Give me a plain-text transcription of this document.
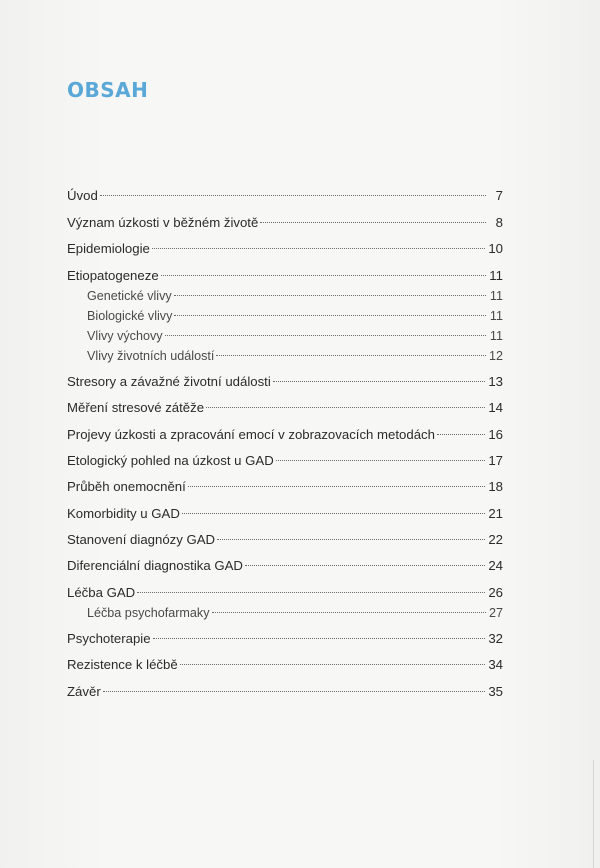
OBSAH
Úvod	7
Význam úzkosti v běžném životě	8
Epidemiologie	10
Etiopatogeneze	11
Genetické vlivy	11
Biologické vlivy	11
Vlivy výchovy	11
Vlivy životních událostí	12
Stresory a závažné životní události	13
Měření stresové zátěže	14
Projevy úzkosti a zpracování emocí v zobrazovacích metodách	16
Etologický pohled na úzkost u GAD	17
Průběh onemocnění	18
Komorbidity u GAD	21
Stanovení diagnózy GAD	22
Diferenciální diagnostika GAD	24
Léčba GAD	26
Léčba psychofarmaky	27
Psychoterapie	32
Rezistence k léčbě	34
Závěr	35
